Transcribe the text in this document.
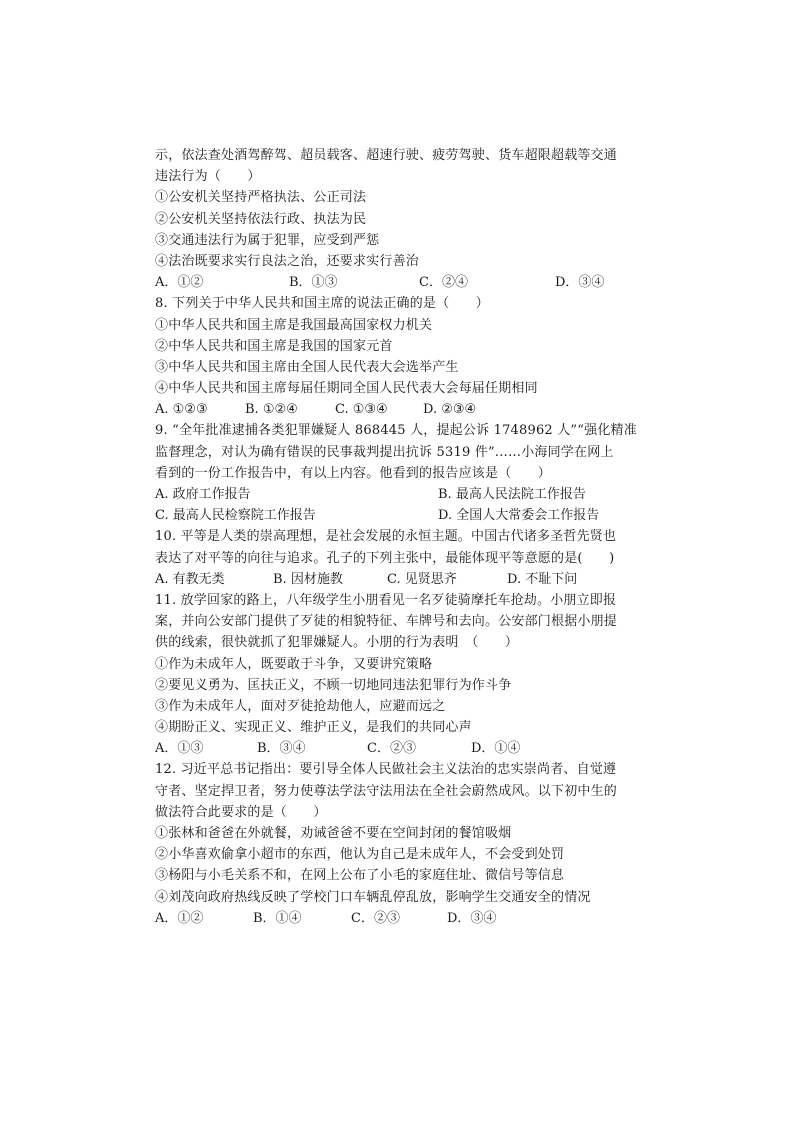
示，依法查处酒驾醉驾、超员载客、超速行驶、疲劳驾驶、货车超限超载等交通
违法行为（　　）
①公安机关坚持严格执法、公正司法
②公安机关坚持依法行政、执法为民
③交通违法行为属于犯罪，应受到严惩
④法治既要求实行良法之治，还要求实行善治
A．①②	B．①③	C．②④	D．③④
8. 下列关于中华人民共和国主席的说法正确的是（　　）
①中华人民共和国主席是我国最高国家权力机关
②中华人民共和国主席是我国的国家元首
③中华人民共和国主席由全国人民代表大会选举产生
④中华人民共和国主席每届任期同全国人民代表大会每届任期相同
A. ①②③	B. ①②④	C. ①③④	D. ②③④
9. “全年批准逮捕各类犯罪嫌疑人 868445 人，提起公诉 1748962 人”“强化精准
监督理念，对认为确有错误的民事裁判提出抗诉 5319 件”……小海同学在网上
看到的一份工作报告中，有以上内容。他看到的报告应该是（　　）
A. 政府工作报告	B. 最高人民法院工作报告
C. 最高人民检察院工作报告	D. 全国人大常委会工作报告
10. 平等是人类的崇高理想，是社会发展的永恒主题。中国古代诸多圣哲先贤也
表达了对平等的向往与追求。孔子的下列主张中，最能体现平等意愿的是(　　)
A. 有教无类	B. 因材施教	C. 见贤思齐	D. 不耻下问
11. 放学回家的路上，八年级学生小朋看见一名歹徒骑摩托车抢劫。小朋立即报
案，并向公安部门提供了歹徒的相貌特征、车牌号和去向。公安部门根据小朋提
供的线索，很快就抓了犯罪嫌疑人。小朋的行为表明　（　　）
①作为未成年人，既要敢于斗争，又要讲究策略
②要见义勇为、匡扶正义，不顾一切地同违法犯罪行为作斗争
③作为未成年人，面对歹徒抢劫他人，应避而远之
④期盼正义、实现正义、维护正义，是我们的共同心声
A．①③	B．③④	C．②③	D．①④
12. 习近平总书记指出：要引导全体人民做社会主义法治的忠实崇尚者、自觉遵
守者、坚定捍卫者，努力使尊法学法守法用法在全社会蔚然成风。以下初中生的
做法符合此要求的是（　　）
①张林和爸爸在外就餐，劝诫爸爸不要在空间封闭的餐馆吸烟
②小华喜欢偷拿小超市的东西，他认为自己是未成年人，不会受到处罚
③杨阳与小毛关系不和，在网上公布了小毛的家庭住址、微信号等信息
④刘茂向政府热线反映了学校门口车辆乱停乱放，影响学生交通安全的情况
A．①②	B．①④	C．②③	D．③④
